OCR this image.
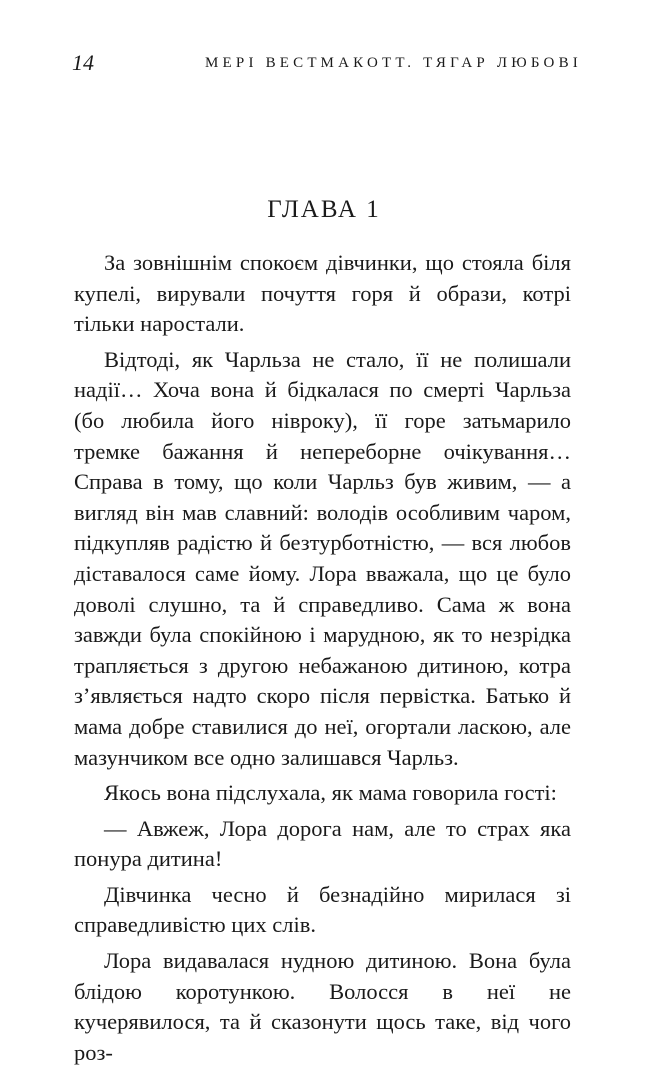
14	МЕРІ ВЕСТМАКОТТ. ТЯГАР ЛЮБОВІ
ГЛАВА 1

За зовнішнім спокоєм дівчинки, що стояла біля купелі, вирували почуття горя й образи, котрі тільки наростали.

Відтоді, як Чарльза не стало, її не полишали надії… Хоча вона й бідкалася по смерті Чарльза (бо любила його нівроку), її горе затьмарило тремке бажання й непереборне очікування… Справа в тому, що коли Чарльз був живим, — а вигляд він мав славний: володів особливим чаром, підкупляв радістю й безтурботністю, — вся любов діставалося саме йому. Лора вважала, що це було доволі слушно, та й справедливо. Сама ж вона завжди була спокійною і марудною, як то незрідка трапляється з другою небажаною дитиною, котра з’являється надто скоро після первістка. Батько й мама добре ставилися до неї, огортали ласкою, але мазунчиком все одно залишався Чарльз.

Якось вона підслухала, як мама говорила гості:

— Авжеж, Лора дорога нам, але то страх яка понура дитина!

Дівчинка чесно й безнадійно мирилася зі справедливістю цих слів.

Лора видавалася нудною дитиною. Вона була блідою коротункою. Волосся в неї не кучерявилося, та й сказонути щось таке, від чого роз-
